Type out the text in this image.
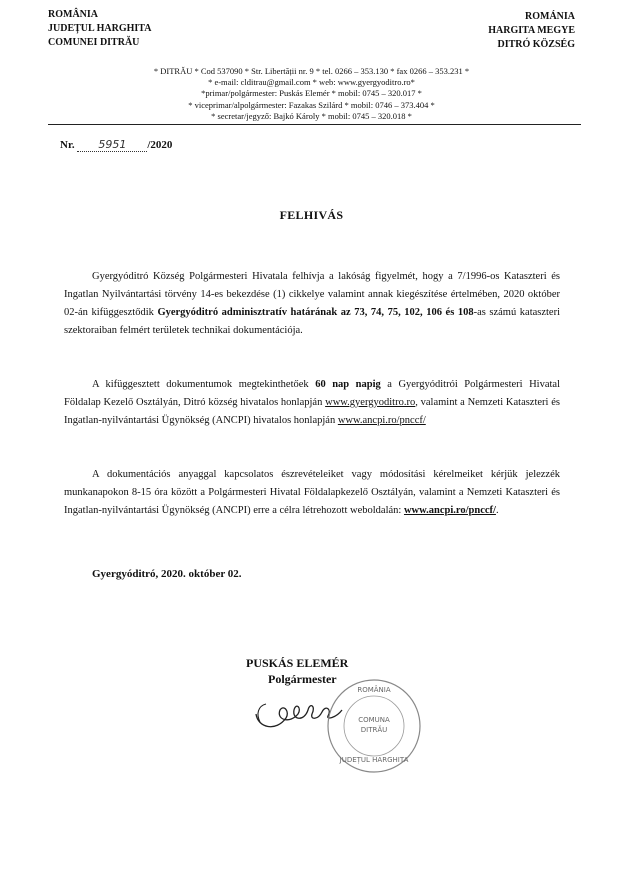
ROMÂNIA
JUDEȚUL HARGHITA
COMUNEI DITRĂU
ROMÁNIA
HARGITA MEGYE
DITRÓ KÖZSÉG
* DITRĂU * Cod 537090 * Str. Libertății nr. 9 * tel. 0266 – 353.130 * fax 0266 – 353.231 *
* e-mail: clditrau@gmail.com * web: www.gyergyoditro.ro*
*primar/polgármester: Puskás Elemér * mobil: 0745 – 320.017 *
* viceprimar/alpolgármester: Fazakas Szilárd * mobil: 0746 – 373.404 *
* secretar/jegyző: Bajkó Károly * mobil: 0745 – 320.018 *
Nr. 5951 /2020
FELHIVÁS

Gyergyóditró Község Polgármesteri Hivatala felhívja a lakóság figyelmét, hogy a 7/1996-os Kataszteri és Ingatlan Nyilvántartási törvény 14-es bekezdése (1) cikkelye valamint annak kiegészítése értelmében, 2020 október 02-án kifüggesztődik Gyergyóditró adminisztratív határának az 73, 74, 75, 102, 106 és 108-as számú kataszteri szektoraiban felmért területek technikai dokumentációja.

A kifüggesztett dokumentumok megtekinthetőek 60 nap napig a Gyergyóditrói Polgármesteri Hivatal Földalap Kezelő Osztályán, Ditró község hivatalos honlapján www.gyergyoditro.ro, valamint a Nemzeti Kataszteri és Ingatlan-nyilvántartási Ügynökség (ANCPI) hivatalos honlapján www.ancpi.ro/pnccf/

A dokumentációs anyaggal kapcsolatos észrevételeiket vagy módosítási kérelmeiket kérjük jelezzék munkanapokon 8-15 óra között a Polgármesteri Hivatal Földalapkezelő Osztályán, valamint a Nemzeti Kataszteri és Ingatlan-nyilvántartási Ügynökség (ANCPI) erre a célra létrehozott weboldalán: www.ancpi.ro/pnccf/.

Gyergyóditró, 2020. október 02.
PUSKÁS ELEMÉR
Polgármester
ROMÂNIA
COMUNA
DITRĂU
JUDEȚUL HARGHITA
